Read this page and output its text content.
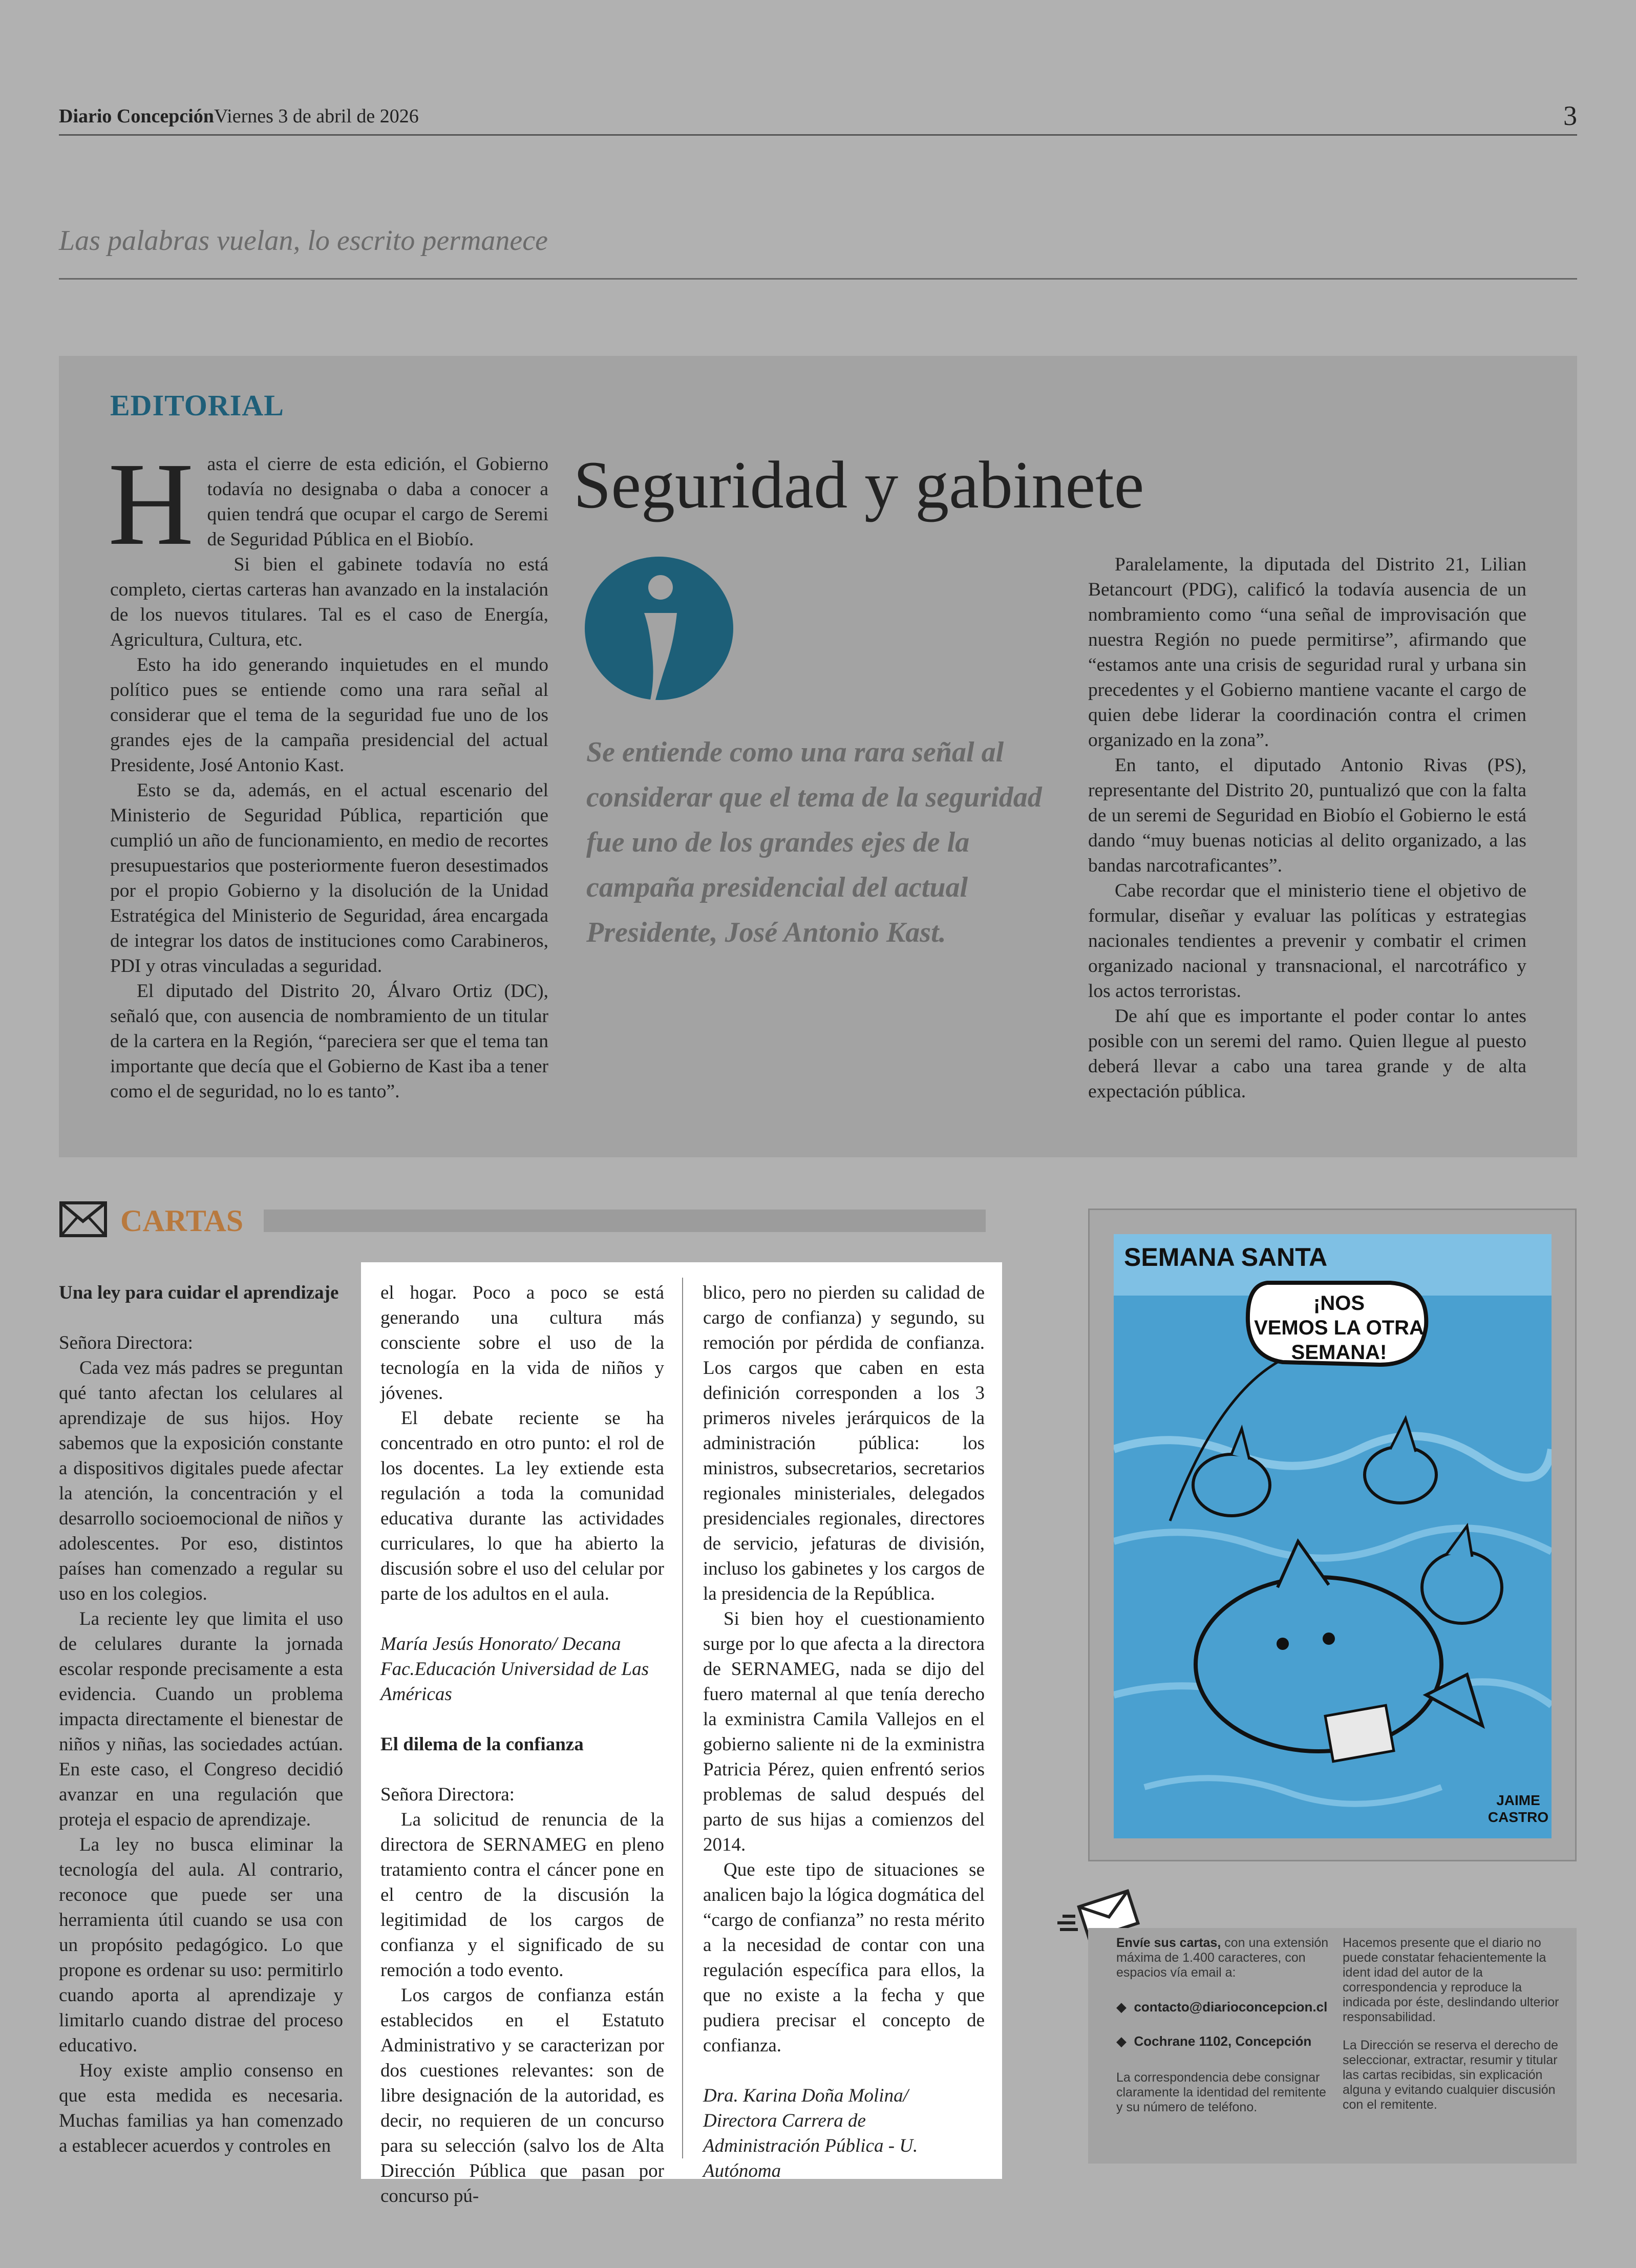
Diario Concepción Viernes 3 de abril de 2026	3
Las palabras vuelan, lo escrito permanece
EDITORIAL

Hasta el cierre de esta edición, el Gobierno todavía no designaba o daba a conocer a quien tendrá que ocupar el cargo de Seremi de Seguridad Pública en el Biobío.

Si bien el gabinete todavía no está completo, ciertas carteras han avanzado en la instalación de los nuevos titulares. Tal es el caso de Energía, Agricultura, Cultura, etc.

Esto ha ido generando inquietudes en el mundo político pues se entiende como una rara señal al considerar que el tema de la seguridad fue uno de los grandes ejes de la campaña presidencial del actual Presidente, José Antonio Kast.

Esto se da, además, en el actual escenario del Ministerio de Seguridad Pública, repartición que cumplió un año de funcionamiento, en medio de recortes presupuestarios que posteriormente fueron desestimados por el propio Gobierno y la disolución de la Unidad Estratégica del Ministerio de Seguridad, área encargada de integrar los datos de instituciones como Carabineros, PDI y otras vinculadas a seguridad.

El diputado del Distrito 20, Álvaro Ortiz (DC), señaló que, con ausencia de nombramiento de un titular de la cartera en la Región, “pareciera ser que el tema tan importante que decía que el Gobierno de Kast iba a tener como el de seguridad, no lo es tanto”.

Seguridad y gabinete
Se entiende como una rara señal al considerar que el tema de la seguridad fue uno de los grandes ejes de la campaña presidencial del actual Presidente, José Antonio Kast.

Paralelamente, la diputada del Distrito 21, Lilian Betancourt (PDG), calificó la todavía ausencia de un nombramiento como “una señal de improvisación que nuestra Región no puede permitirse”, afirmando que “estamos ante una crisis de seguridad rural y urbana sin precedentes y el Gobierno mantiene vacante el cargo de quien debe liderar la coordinación contra el crimen organizado en la zona”.

En tanto, el diputado Antonio Rivas (PS), representante del Distrito 20, puntualizó que con la falta de un seremi de Seguridad en Biobío el Gobierno le está dando “muy buenas noticias al delito organizado, a las bandas narcotraficantes”.

Cabe recordar que el ministerio tiene el objetivo de formular, diseñar y evaluar las políticas y estrategias nacionales tendientes a prevenir y combatir el crimen organizado nacional y transnacional, el narcotráfico y los actos terroristas.

De ahí que es importante el poder contar lo antes posible con un seremi del ramo. Quien llegue al puesto deberá llevar a cabo una tarea grande y de alta expectación pública.

CARTAS

Una ley para cuidar el aprendizaje

Señora Directora:

Cada vez más padres se preguntan qué tanto afectan los celulares al aprendizaje de sus hijos. Hoy sabemos que la exposición constante a dispositivos digitales puede afectar la atención, la concentración y el desarrollo socioemocional de niños y adolescentes. Por eso, distintos países han comenzado a regular su uso en los colegios.

La reciente ley que limita el uso de celulares durante la jornada escolar responde precisamente a esta evidencia. Cuando un problema impacta directamente el bienestar de niños y niñas, las sociedades actúan. En este caso, el Congreso decidió avanzar en una regulación que proteja el espacio de aprendizaje.

La ley no busca eliminar la tecnología del aula. Al contrario, reconoce que puede ser una herramienta útil cuando se usa con un propósito pedagógico. Lo que propone es ordenar su uso: permitirlo cuando aporta al aprendizaje y limitarlo cuando distrae del proceso educativo.

Hoy existe amplio consenso en que esta medida es necesaria. Muchas familias ya han comenzado a establecer acuerdos y controles en

el hogar. Poco a poco se está generando una cultura más consciente sobre el uso de la tecnología en la vida de niños y jóvenes.

El debate reciente se ha concentrado en otro punto: el rol de los docentes. La ley extiende esta regulación a toda la comunidad educativa durante las actividades curriculares, lo que ha abierto la discusión sobre el uso del celular por parte de los adultos en el aula.

María Jesús Honorato/ Decana Fac.Educación Universidad de Las Américas

El dilema de la confianza

Señora Directora:

La solicitud de renuncia de la directora de SERNAMEG en pleno tratamiento contra el cáncer pone en el centro de la discusión la legitimidad de los cargos de confianza y el significado de su remoción a todo evento.

Los cargos de confianza están establecidos en el Estatuto Administrativo y se caracterizan por dos cuestiones relevantes: son de libre designación de la autoridad, es decir, no requieren de un concurso para su selección (salvo los de Alta Dirección Pública que pasan por concurso pú-

blico, pero no pierden su calidad de cargo de confianza) y segundo, su remoción por pérdida de confianza. Los cargos que caben en esta definición corresponden a los 3 primeros niveles jerárquicos de la administración pública: los ministros, subsecretarios, secretarios regionales ministeriales, delegados presidenciales regionales, directores de servicio, jefaturas de división, incluso los gabinetes y los cargos de la presidencia de la República.

Si bien hoy el cuestionamiento surge por lo que afecta a la directora de SERNAMEG, nada se dijo del fuero maternal al que tenía derecho la exministra Camila Vallejos en el gobierno saliente ni de la exministra Patricia Pérez, quien enfrentó serios problemas de salud después del parto de sus hijas a comienzos del 2014.

Que este tipo de situaciones se analicen bajo la lógica dogmática del “cargo de confianza” no resta mérito a la necesidad de contar con una regulación específica para ellos, la que no existe a la fecha y que pudiera precisar el concepto de confianza.

Dra. Karina Doña Molina/ Directora Carrera de Administración Pública - U. Autónoma

SEMANA SANTA
¡NOS
VEMOS LA OTRA
SEMANA!
JAIME
CASTRO

Envíe sus cartas, con una extensión máxima de 1.400 caracteres, con espacios vía email a:

◆ contacto@diarioconcepcion.cl

◆ Cochrane 1102, Concepción

La correspondencia debe consignar claramente la identidad del remitente y su número de teléfono.

Hacemos presente que el diario no puede constatar fehacientemente la ident idad del autor de la correspondencia y reproduce la indicada por éste, deslindando ulterior responsabilidad.

La Dirección se reserva el derecho de seleccionar, extractar, resumir y titular las cartas recibidas, sin explicación alguna y evitando cualquier discusión con el remitente.
